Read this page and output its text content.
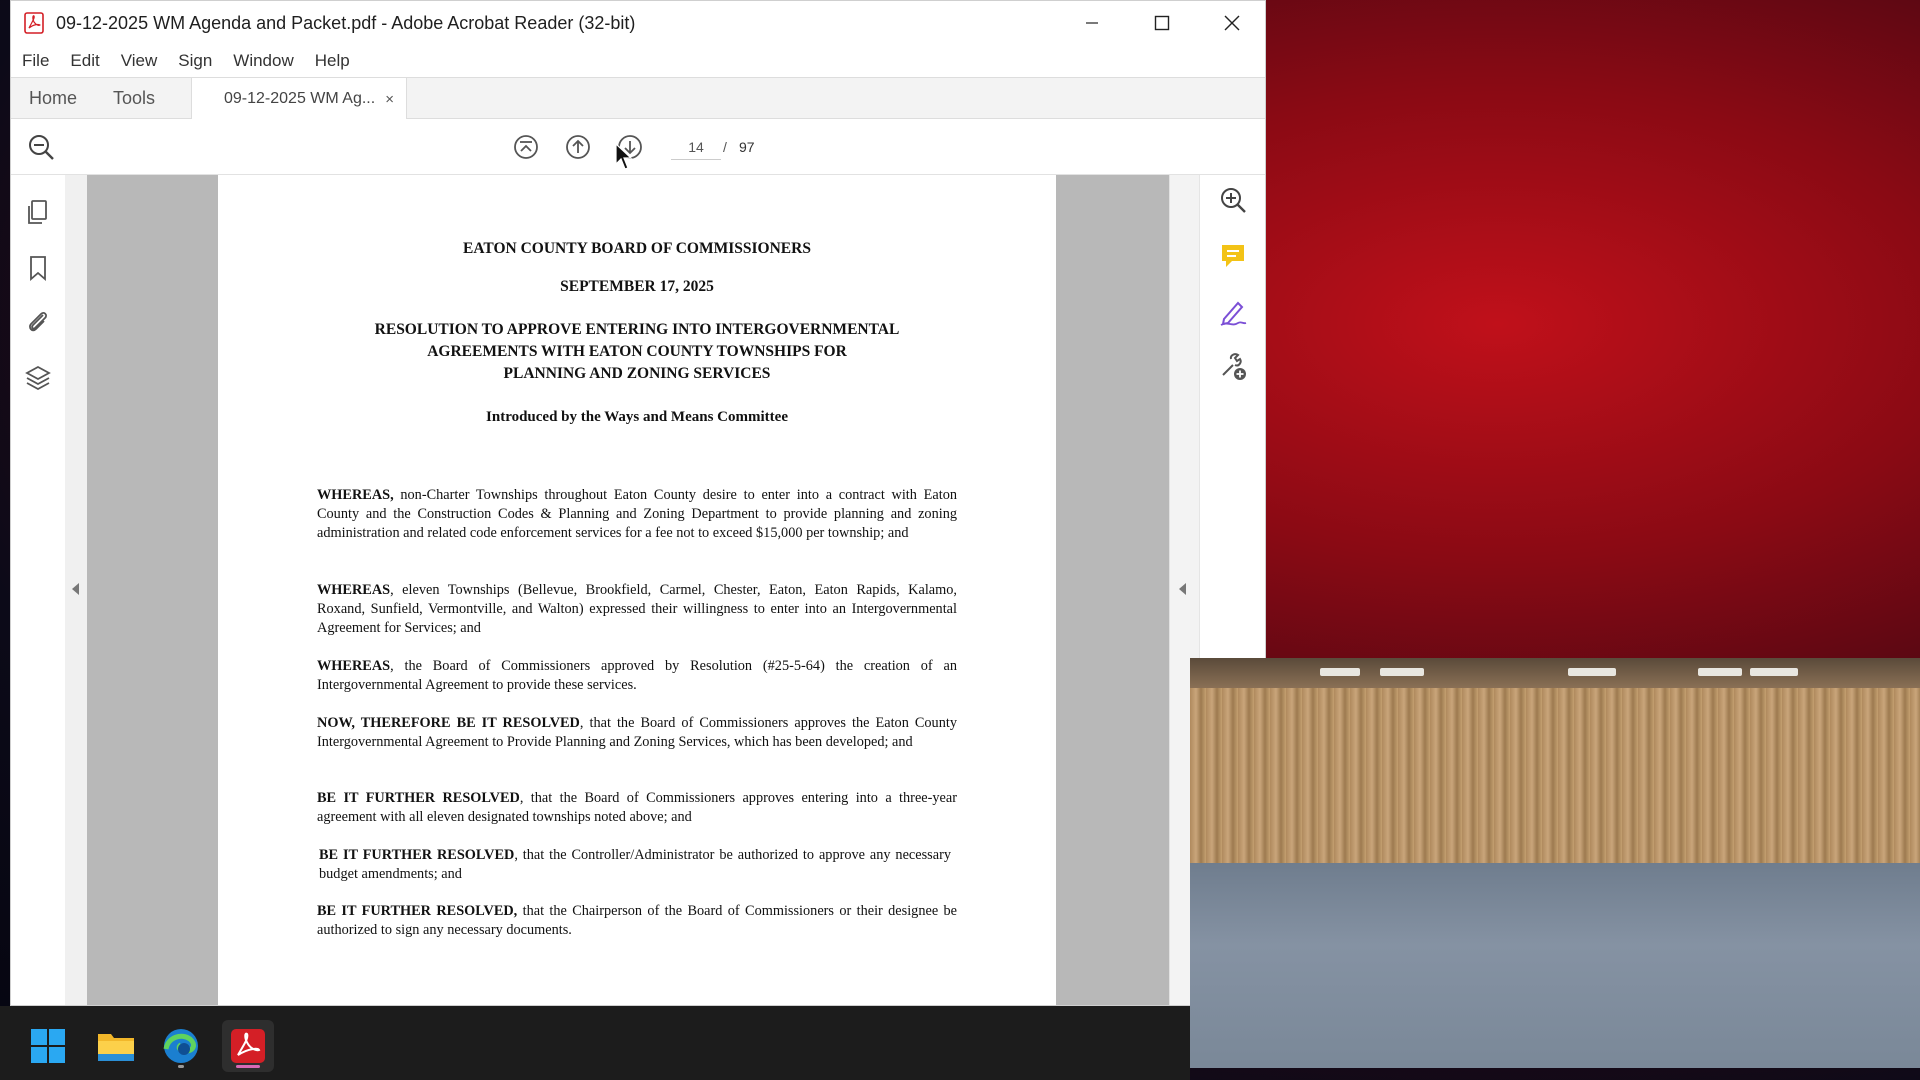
09-12-2025 WM Agenda and Packet.pdf - Adobe Acrobat Reader (32-bit)
File Edit View Sign Window Help
Home Tools	09-12-2025 WM Ag... ×
14	/ 97
EATON COUNTY BOARD OF COMMISSIONERS
SEPTEMBER 17, 2025
RESOLUTION TO APPROVE ENTERING INTO INTERGOVERNMENTAL
AGREEMENTS WITH EATON COUNTY TOWNSHIPS FOR
PLANNING AND ZONING SERVICES
Introduced by the Ways and Means Committee
WHEREAS, non-Charter Townships throughout Eaton County desire to enter into a contract with Eaton County and the Construction Codes & Planning and Zoning Department to provide planning and zoning administration and related code enforcement services for a fee not to exceed $15,000 per township; and
WHEREAS, eleven Townships (Bellevue, Brookfield, Carmel, Chester, Eaton, Eaton Rapids, Kalamo, Roxand, Sunfield, Vermontville, and Walton) expressed their willingness to enter into an Intergovernmental Agreement for Services; and
WHEREAS, the Board of Commissioners approved by Resolution (#25-5-64) the creation of an Intergovernmental Agreement to provide these services.
NOW, THEREFORE BE IT RESOLVED, that the Board of Commissioners approves the Eaton County Intergovernmental Agreement to Provide Planning and Zoning Services, which has been developed; and
BE IT FURTHER RESOLVED, that the Board of Commissioners approves entering into a three-year agreement with all eleven designated townships noted above; and
BE IT FURTHER RESOLVED, that the Controller/Administrator be authorized to approve any necessary budget amendments; and
BE IT FURTHER RESOLVED, that the Chairperson of the Board of Commissioners or their designee be authorized to sign any necessary documents.
